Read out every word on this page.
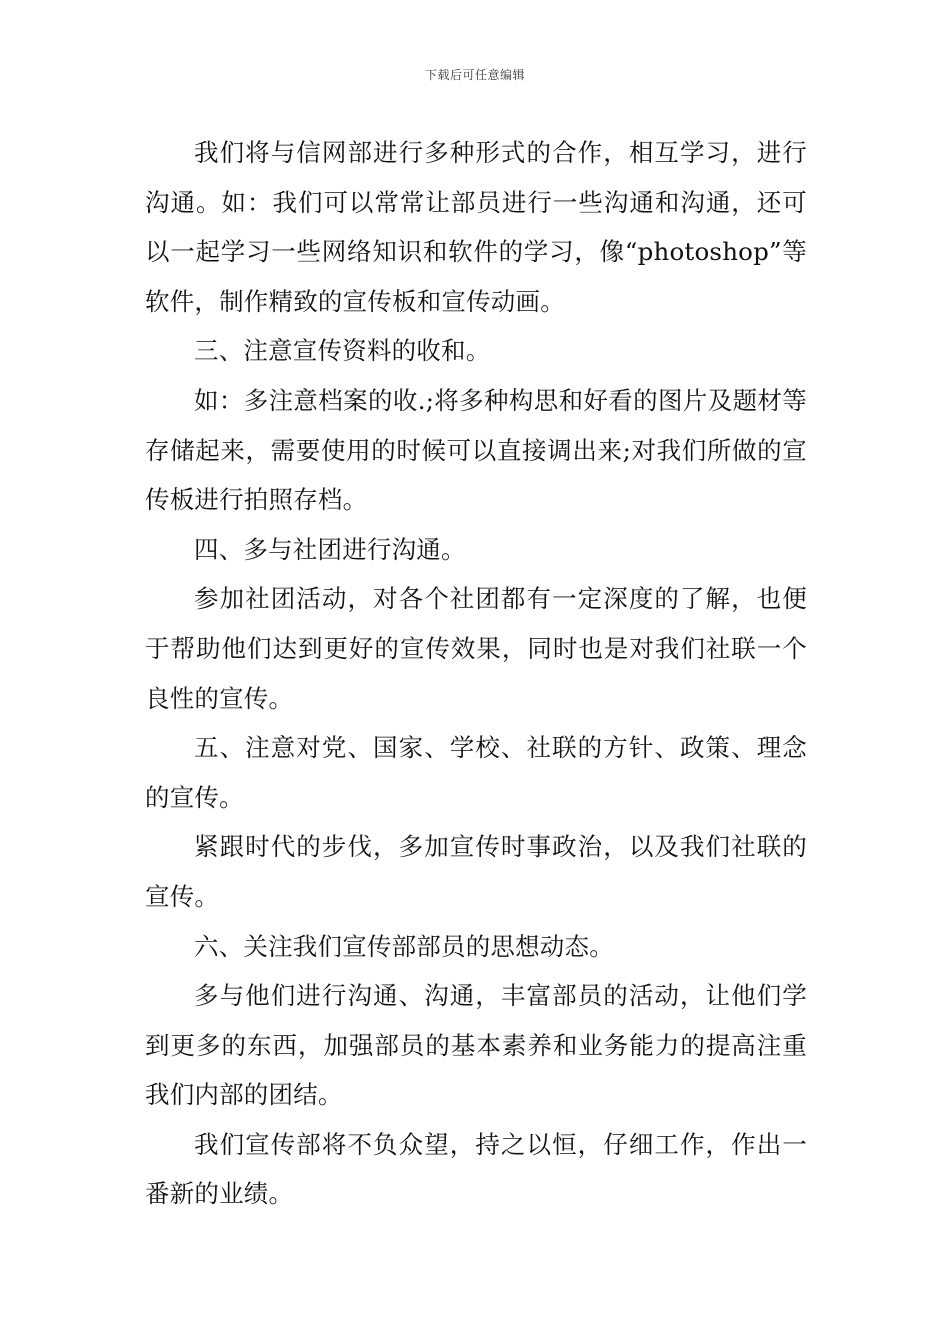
下载后可任意编辑

我们将与信网部进行多种形式的合作，相互学习，进行沟通。如：我们可以常常让部员进行一些沟通和沟通，还可以一起学习一些网络知识和软件的学习，像“photoshop”等软件，制作精致的宣传板和宣传动画。

三、注意宣传资料的收和。

如：多注意档案的收.;将多种构思和好看的图片及题材等存储起来，需要使用的时候可以直接调出来;对我们所做的宣传板进行拍照存档。

四、多与社团进行沟通。

参加社团活动，对各个社团都有一定深度的了解，也便于帮助他们达到更好的宣传效果，同时也是对我们社联一个良性的宣传。

五、注意对党、国家、学校、社联的方针、政策、理念的宣传。

紧跟时代的步伐，多加宣传时事政治，以及我们社联的宣传。

六、关注我们宣传部部员的思想动态。

多与他们进行沟通、沟通，丰富部员的活动，让他们学到更多的东西，加强部员的基本素养和业务能力的提高注重我们内部的团结。

我们宣传部将不负众望，持之以恒，仔细工作，作出一番新的业绩。
